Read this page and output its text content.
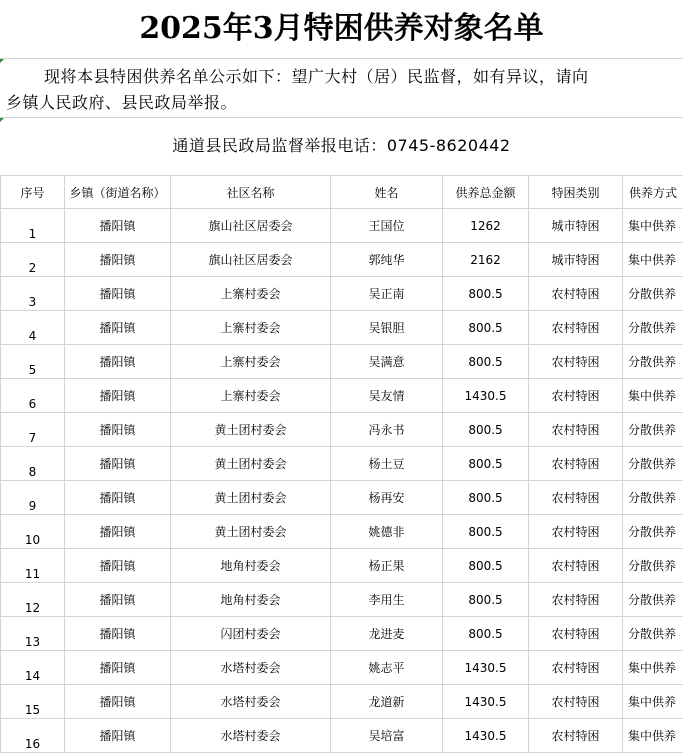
2025年3月特困供养对象名单
现将本县特困供养名单公示如下：望广大村（居）民监督，如有异议，请向
乡镇人民政府、县民政局举报。
通道县民政局监督举报电话：0745-8620442
序号	乡镇（街道名称）	社区名称	姓名	供养总金额	特困类别	供养方式
1	播阳镇	旗山社区居委会	王国位	1262	城市特困	集中供养
2	播阳镇	旗山社区居委会	郭纯华	2162	城市特困	集中供养
3	播阳镇	上寨村委会	吴正南	800.5	农村特困	分散供养
4	播阳镇	上寨村委会	吴银胆	800.5	农村特困	分散供养
5	播阳镇	上寨村委会	吴满意	800.5	农村特困	分散供养
6	播阳镇	上寨村委会	吴友情	1430.5	农村特困	集中供养
7	播阳镇	黄土团村委会	冯永书	800.5	农村特困	分散供养
8	播阳镇	黄土团村委会	杨土豆	800.5	农村特困	分散供养
9	播阳镇	黄土团村委会	杨再安	800.5	农村特困	分散供养
10	播阳镇	黄土团村委会	姚德非	800.5	农村特困	分散供养
11	播阳镇	地角村委会	杨正果	800.5	农村特困	分散供养
12	播阳镇	地角村委会	李用生	800.5	农村特困	分散供养
13	播阳镇	闪团村委会	龙进麦	800.5	农村特困	分散供养
14	播阳镇	水塔村委会	姚志平	1430.5	农村特困	集中供养
15	播阳镇	水塔村委会	龙道新	1430.5	农村特困	集中供养
16	播阳镇	水塔村委会	吴培富	1430.5	农村特困	集中供养
